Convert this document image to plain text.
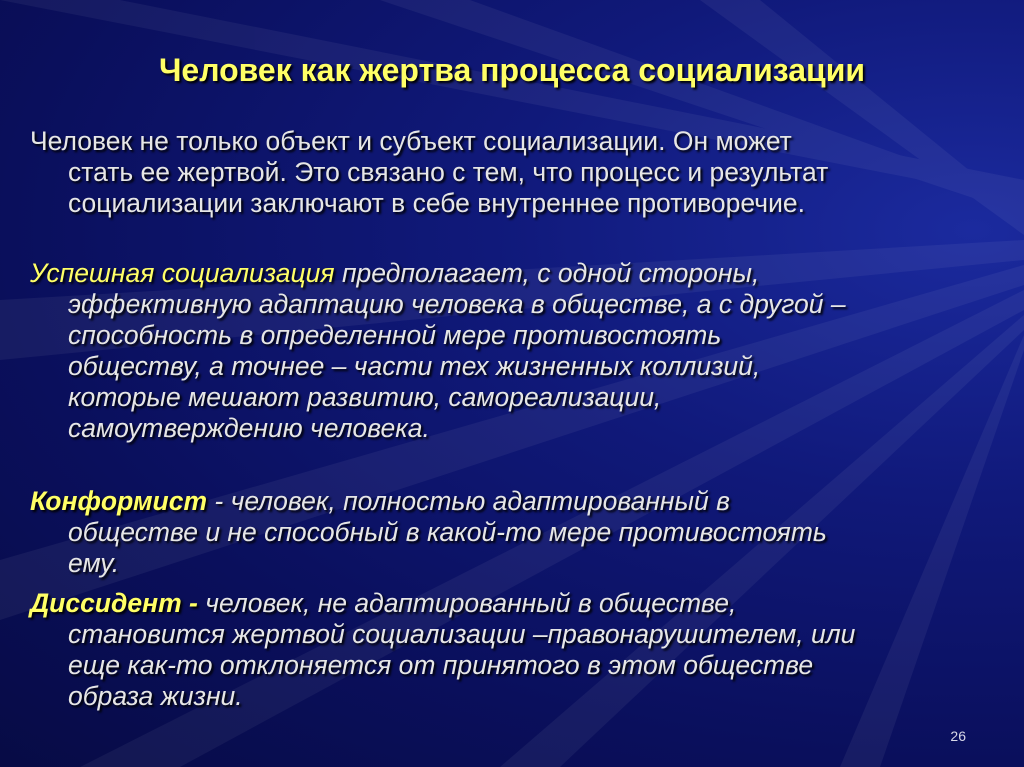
Человек как жертва процесса социализации

Человек не только объект и субъект социализации. Он может
стать ее жертвой. Это связано с тем, что процесс и результат
социализации заключают в себе внутреннее противоречие.

Успешная социализация предполагает, с одной стороны,
эффективную адаптацию человека в обществе, а с другой –
способность в определенной мере противостоять
обществу, а точнее – части тех жизненных коллизий,
которые мешают развитию, самореализации,
самоутверждению человека.

Конформист - человек, полностью адаптированный в
обществе и не способный в какой-то мере противостоять
ему.

Диссидент - человек, не адаптированный в обществе,
становится жертвой социализации –правонарушителем, или
еще как-то отклоняется от принятого в этом обществе
образа жизни.

26
